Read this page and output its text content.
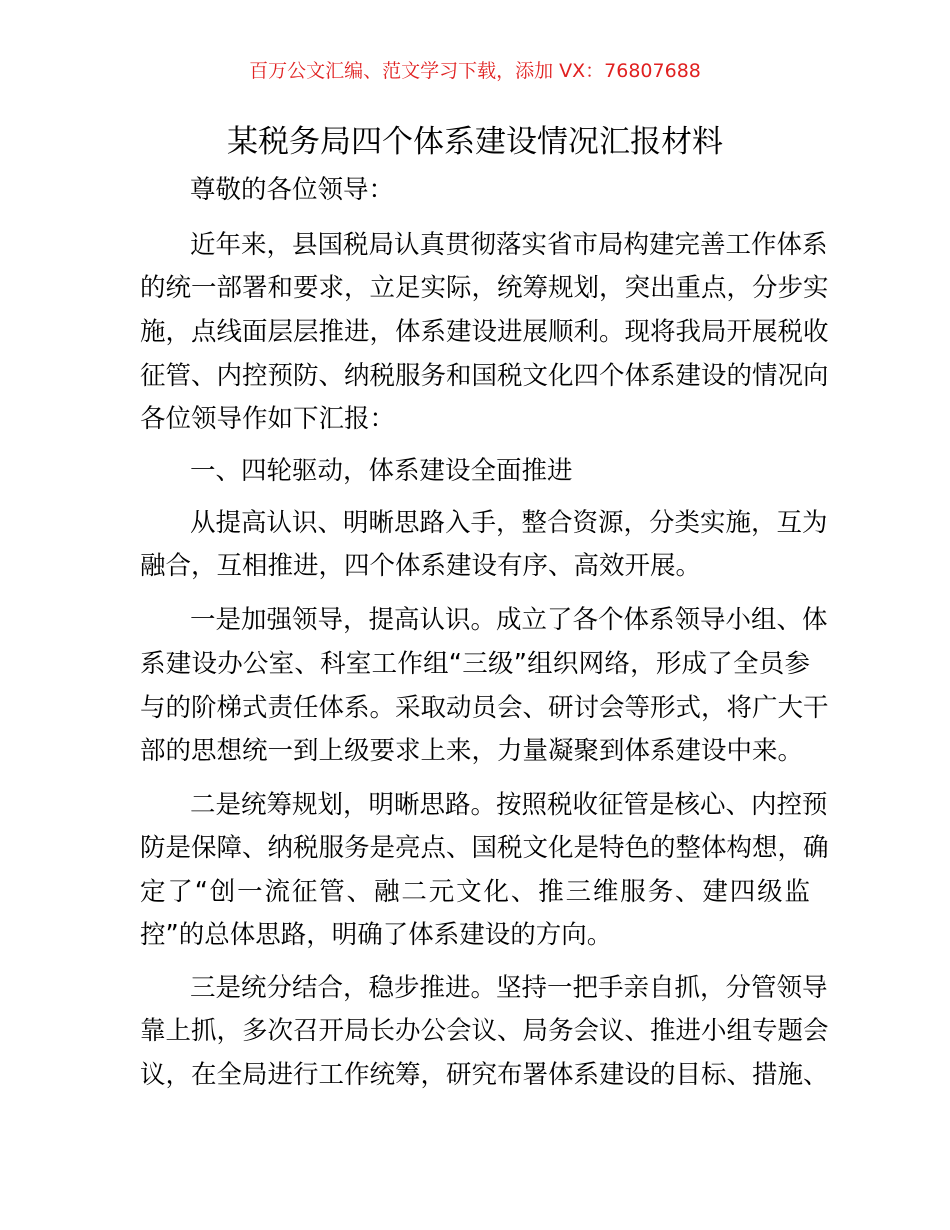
百万公文汇编、范文学习下载，添加 VX：76807688
某税务局四个体系建设情况汇报材料
尊敬的各位领导：
近年来，县国税局认真贯彻落实省市局构建完善工作体系
的统一部署和要求，立足实际，统筹规划，突出重点，分步实
施，点线面层层推进，体系建设进展顺利。现将我局开展税收
征管、内控预防、纳税服务和国税文化四个体系建设的情况向
各位领导作如下汇报：
一、四轮驱动，体系建设全面推进
从提高认识、明晰思路入手，整合资源，分类实施，互为
融合，互相推进，四个体系建设有序、高效开展。
一是加强领导，提高认识。成立了各个体系领导小组、体
系建设办公室、科室工作组“三级”组织网络，形成了全员参
与的阶梯式责任体系。采取动员会、研讨会等形式，将广大干
部的思想统一到上级要求上来，力量凝聚到体系建设中来。
二是统筹规划，明晰思路。按照税收征管是核心、内控预
防是保障、纳税服务是亮点、国税文化是特色的整体构想，确
定了“创一流征管、融二元文化、推三维服务、建四级监
控”的总体思路，明确了体系建设的方向。
三是统分结合，稳步推进。坚持一把手亲自抓，分管领导
靠上抓，多次召开局长办公会议、局务会议、推进小组专题会
议，在全局进行工作统筹，研究布署体系建设的目标、措施、
